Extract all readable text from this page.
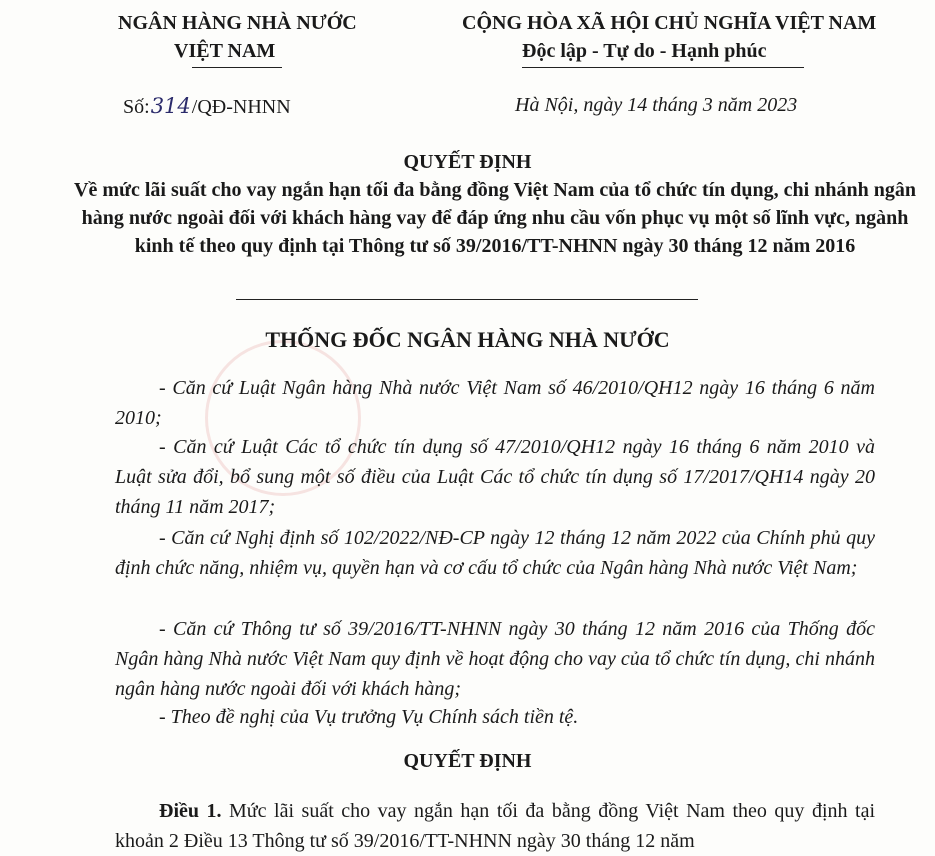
NGÂN HÀNG NHÀ NƯỚC
VIỆT NAM
CỘNG HÒA XÃ HỘI CHỦ NGHĨA VIỆT NAM
Độc lập - Tự do - Hạnh phúc
Số:314/QĐ-NHNN	Hà Nội, ngày 14 tháng 3 năm 2023
QUYẾT ĐỊNH
Về mức lãi suất cho vay ngắn hạn tối đa bằng đồng Việt Nam của tổ chức tín dụng, chi nhánh ngân hàng nước ngoài đối với khách hàng vay để đáp ứng nhu cầu vốn phục vụ một số lĩnh vực, ngành kinh tế theo quy định tại Thông tư số 39/2016/TT-NHNN ngày 30 tháng 12 năm 2016
THỐNG ĐỐC NGÂN HÀNG NHÀ NƯỚC
- Căn cứ Luật Ngân hàng Nhà nước Việt Nam số 46/2010/QH12 ngày 16 tháng 6 năm 2010;
- Căn cứ Luật Các tổ chức tín dụng số 47/2010/QH12 ngày 16 tháng 6 năm 2010 và Luật sửa đổi, bổ sung một số điều của Luật Các tổ chức tín dụng số 17/2017/QH14 ngày 20 tháng 11 năm 2017;
- Căn cứ Nghị định số 102/2022/NĐ-CP ngày 12 tháng 12 năm 2022 của Chính phủ quy định chức năng, nhiệm vụ, quyền hạn và cơ cấu tổ chức của Ngân hàng Nhà nước Việt Nam;
- Căn cứ Thông tư số 39/2016/TT-NHNN ngày 30 tháng 12 năm 2016 của Thống đốc Ngân hàng Nhà nước Việt Nam quy định về hoạt động cho vay của tổ chức tín dụng, chi nhánh ngân hàng nước ngoài đối với khách hàng;
- Theo đề nghị của Vụ trưởng Vụ Chính sách tiền tệ.
QUYẾT ĐỊNH
Điều 1. Mức lãi suất cho vay ngắn hạn tối đa bằng đồng Việt Nam theo quy định tại khoản 2 Điều 13 Thông tư số 39/2016/TT-NHNN ngày 30 tháng 12 năm
